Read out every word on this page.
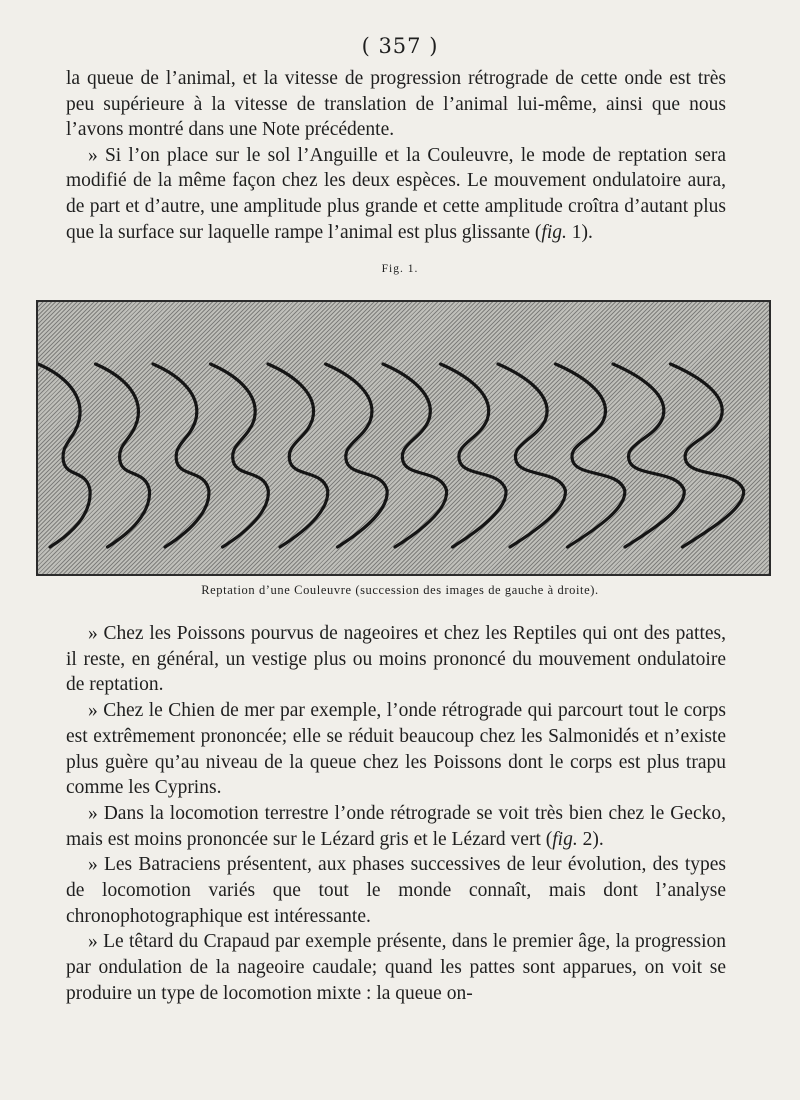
( 357 )

la queue de l’animal, et la vitesse de progression rétrograde de cette onde est très peu supérieure à la vitesse de translation de l’animal lui-même, ainsi que nous l’avons montré dans une Note précédente.

» Si l’on place sur le sol l’Anguille et la Couleuvre, le mode de reptation sera modifié de la même façon chez les deux espèces. Le mouvement ondulatoire aura, de part et d’autre, une amplitude plus grande et cette amplitude croîtra d’autant plus que la surface sur laquelle rampe l’animal est plus glissante (fig. 1).

Fig. 1.
Reptation d’une Couleuvre (succession des images de gauche à droite).

» Chez les Poissons pourvus de nageoires et chez les Reptiles qui ont des pattes, il reste, en général, un vestige plus ou moins prononcé du mouvement ondulatoire de reptation.

» Chez le Chien de mer par exemple, l’onde rétrograde qui parcourt tout le corps est extrêmement prononcée; elle se réduit beaucoup chez les Salmonidés et n’existe plus guère qu’au niveau de la queue chez les Poissons dont le corps est plus trapu comme les Cyprins.

» Dans la locomotion terrestre l’onde rétrograde se voit très bien chez le Gecko, mais est moins prononcée sur le Lézard gris et le Lézard vert (fig. 2).

» Les Batraciens présentent, aux phases successives de leur évolution, des types de locomotion variés que tout le monde connaît, mais dont l’analyse chronophotographique est intéressante.

» Le têtard du Crapaud par exemple présente, dans le premier âge, la progression par ondulation de la nageoire caudale; quand les pattes sont apparues, on voit se produire un type de locomotion mixte : la queue on-
